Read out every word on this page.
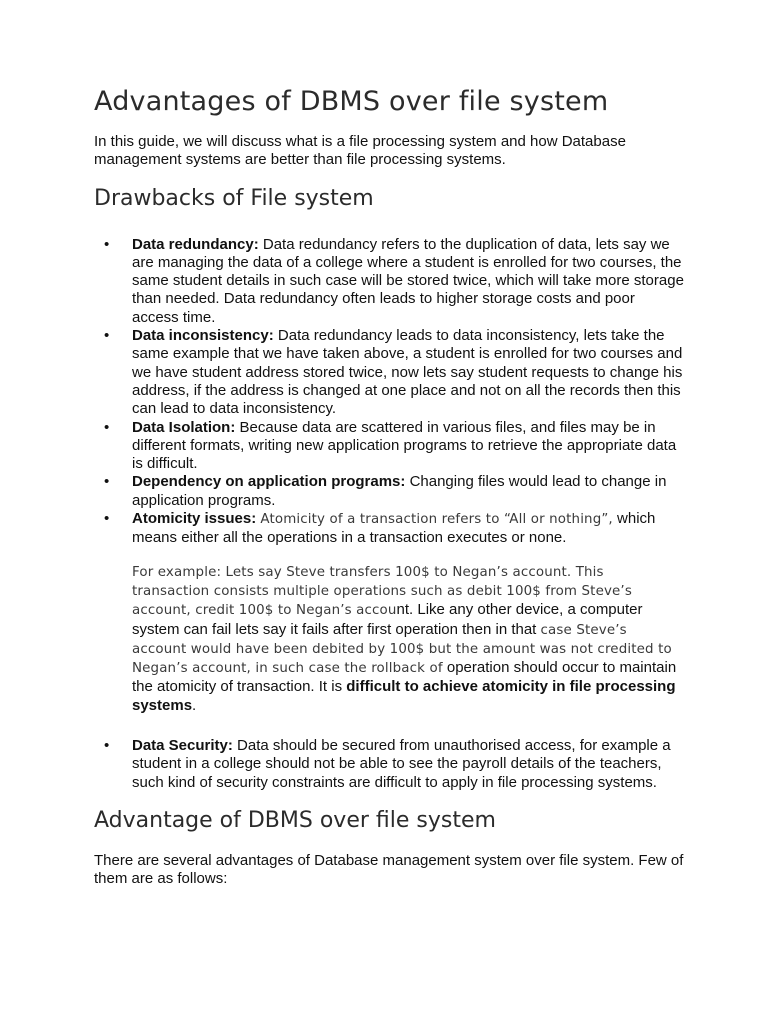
Advantages of DBMS over file system

In this guide, we will discuss what is a file processing system and how Database management systems are better than file processing systems.

Drawbacks of File system
• Data redundancy: Data redundancy refers to the duplication of data, lets say we are managing the data of a college where a student is enrolled for two courses, the same student details in such case will be stored twice, which will take more storage than needed. Data redundancy often leads to higher storage costs and poor access time.
• Data inconsistency: Data redundancy leads to data inconsistency, lets take the same example that we have taken above, a student is enrolled for two courses and we have student address stored twice, now lets say student requests to change his address, if the address is changed at one place and not on all the records then this can lead to data inconsistency.
• Data Isolation: Because data are scattered in various files, and files may be in different formats, writing new application programs to retrieve the appropriate data is difficult.
• Dependency on application programs: Changing files would lead to change in application programs.
• Atomicity issues: Atomicity of a transaction refers to “All or nothing”, which means either all the operations in a transaction executes or none.

For example: Lets say Steve transfers 100$ to Negan’s account. This transaction consists multiple operations such as debit 100$ from Steve’s account, credit 100$ to Negan’s account. Like any other device, a computer system can fail lets say it fails after first operation then in that case Steve’s account would have been debited by 100$ but the amount was not credited to Negan’s account, in such case the rollback of operation should occur to maintain the atomicity of transaction. It is difficult to achieve atomicity in file processing systems.

• Data Security: Data should be secured from unauthorised access, for example a student in a college should not be able to see the payroll details of the teachers, such kind of security constraints are difficult to apply in file processing systems.
Advantage of DBMS over file system

There are several advantages of Database management system over file system. Few of them are as follows:
